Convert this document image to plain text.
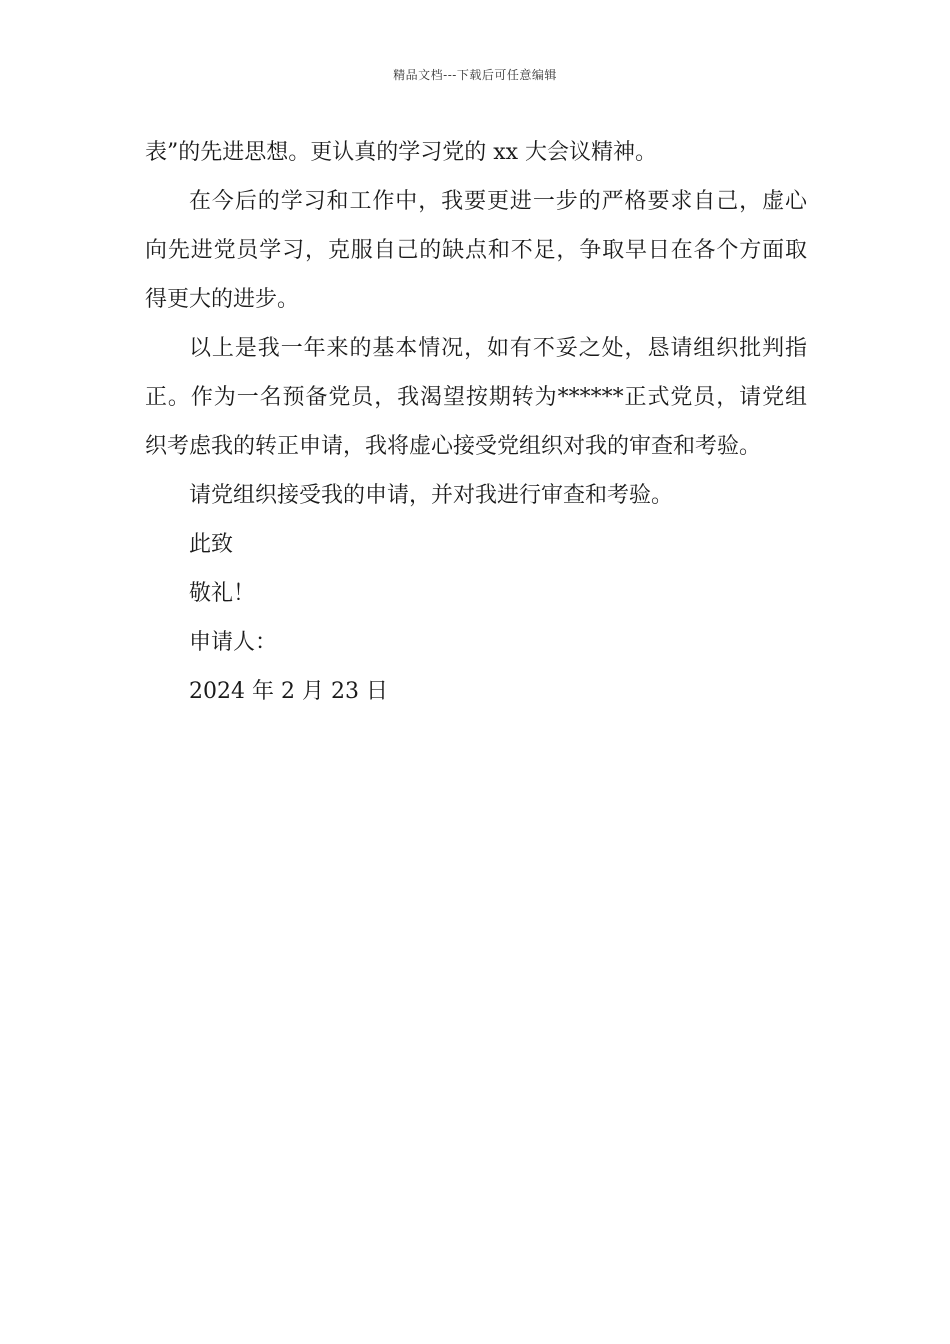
精品文档---下载后可任意编辑
表”的先进思想。更认真的学习党的 xx 大会议精神。
在今后的学习和工作中，我要更进一步的严格要求自己，虚心
向先进党员学习，克服自己的缺点和不足，争取早日在各个方面取
得更大的进步。
以上是我一年来的基本情况，如有不妥之处，恳请组织批判指
正。作为一名预备党员，我渴望按期转为******正式党员，请党组
织考虑我的转正申请，我将虚心接受党组织对我的审查和考验。
请党组织接受我的申请，并对我进行审查和考验。
此致
敬礼！
申请人：
2024 年 2 月 23 日
